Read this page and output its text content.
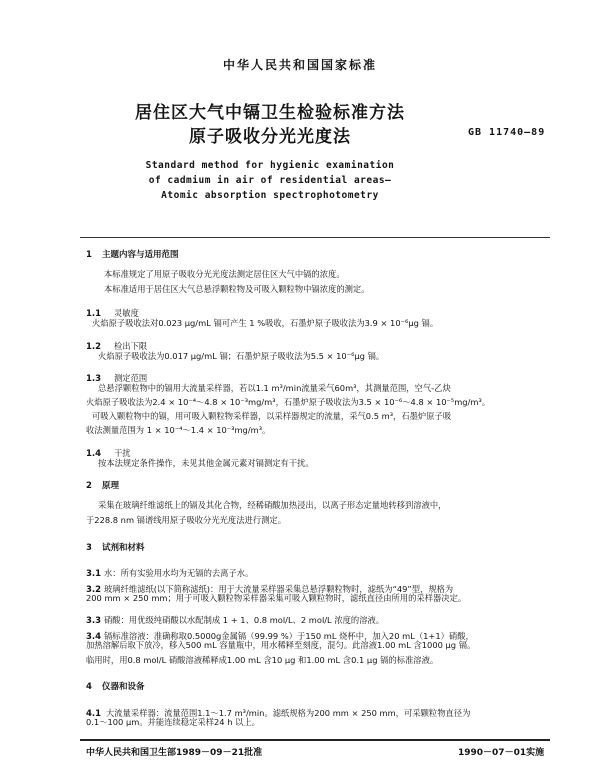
中华人民共和国国家标准
居住区大气中镉卫生检验标准方法
原子吸收分光光度法	GB 11740—89
Standard method for hygienic examination
of cadmium in air of residential areas—
Atomic absorption spectrophotometry
1 主题内容与适用范围
本标准规定了用原子吸收分光光度法测定居住区大气中镉的浓度。
本标准适用于居住区大气总悬浮颗粒物及可吸入颗粒物中镉浓度的测定。
1.1 灵敏度
火焰原子吸收法对0.023 μg/mL 镉可产生 1 %吸收，石墨炉原子吸收法为3.9 × 10⁻⁶μg 镉。
1.2 检出下限
火焰原子吸收法为0.017 μg/mL 镉；石墨炉原子吸收法为5.5 × 10⁻⁶μg 镉。
1.3 测定范围
总悬浮颗粒物中的镉用大流量采样器，若以1.1 m³/min流量采气60m³，其测量范围，空气-乙炔
火焰原子吸收法为2.4 × 10⁻⁴～4.8 × 10⁻³mg/m³，石墨炉原子吸收法为3.5 × 10⁻⁶～4.8 × 10⁻⁵mg/m³。
可吸入颗粒物中的镉，用可吸入颗粒物采样器，以采样器规定的流量，采气0.5 m³，石墨炉原子吸
收法测量范围为 1 × 10⁻⁴～1.4 × 10⁻³mg/m³。
1.4 干扰
按本法规定条件操作，未见其他金属元素对镉测定有干扰。
2 原理
采集在玻璃纤维滤纸上的镉及其化合物，经稀硝酸加热浸出，以离子形态定量地转移到溶液中，
于228.8 nm 镉谱线用原子吸收分光光度法进行测定。
3 试剂和材料
3.1 水：所有实验用水均为无镉的去离子水。
3.2 玻璃纤维滤纸(以下简称滤纸)：用于大流量采样器采集总悬浮颗粒物时，滤纸为“49”型，规格为
200 mm × 250 mm；用于可吸入颗粒物采样器采集可吸入颗粒物时，滤纸直径由所用的采样器决定。
3.3 硝酸：用优级纯硝酸以水配制成 1 + 1、0.8 mol/L、2 mol/L 浓度的溶液。
3.4 镉标准溶液：准确称取0.5000g金属镉（99.99 %）于150 mL 烧杯中，加入20 mL（1+1）硝酸，
加热溶解后取下放冷，移入500 mL 容量瓶中，用水稀释至刻度，混匀。此溶液1.00 mL 含1000 μg 镉。
临用时，用0.8 mol/L 硝酸溶液稀释成1.00 mL 含10 μg 和1.00 mL 含0.1 μg 镉的标准溶液。
4 仪器和设备
4.1 大流量采样器：流量范围1.1～1.7 m³/min。滤纸规格为200 mm × 250 mm，可采颗粒物直径为
0.1～100 μm。并能连续稳定采样24 h 以上。
中华人民共和国卫生部1989－09－21批准	1990－07－01实施
